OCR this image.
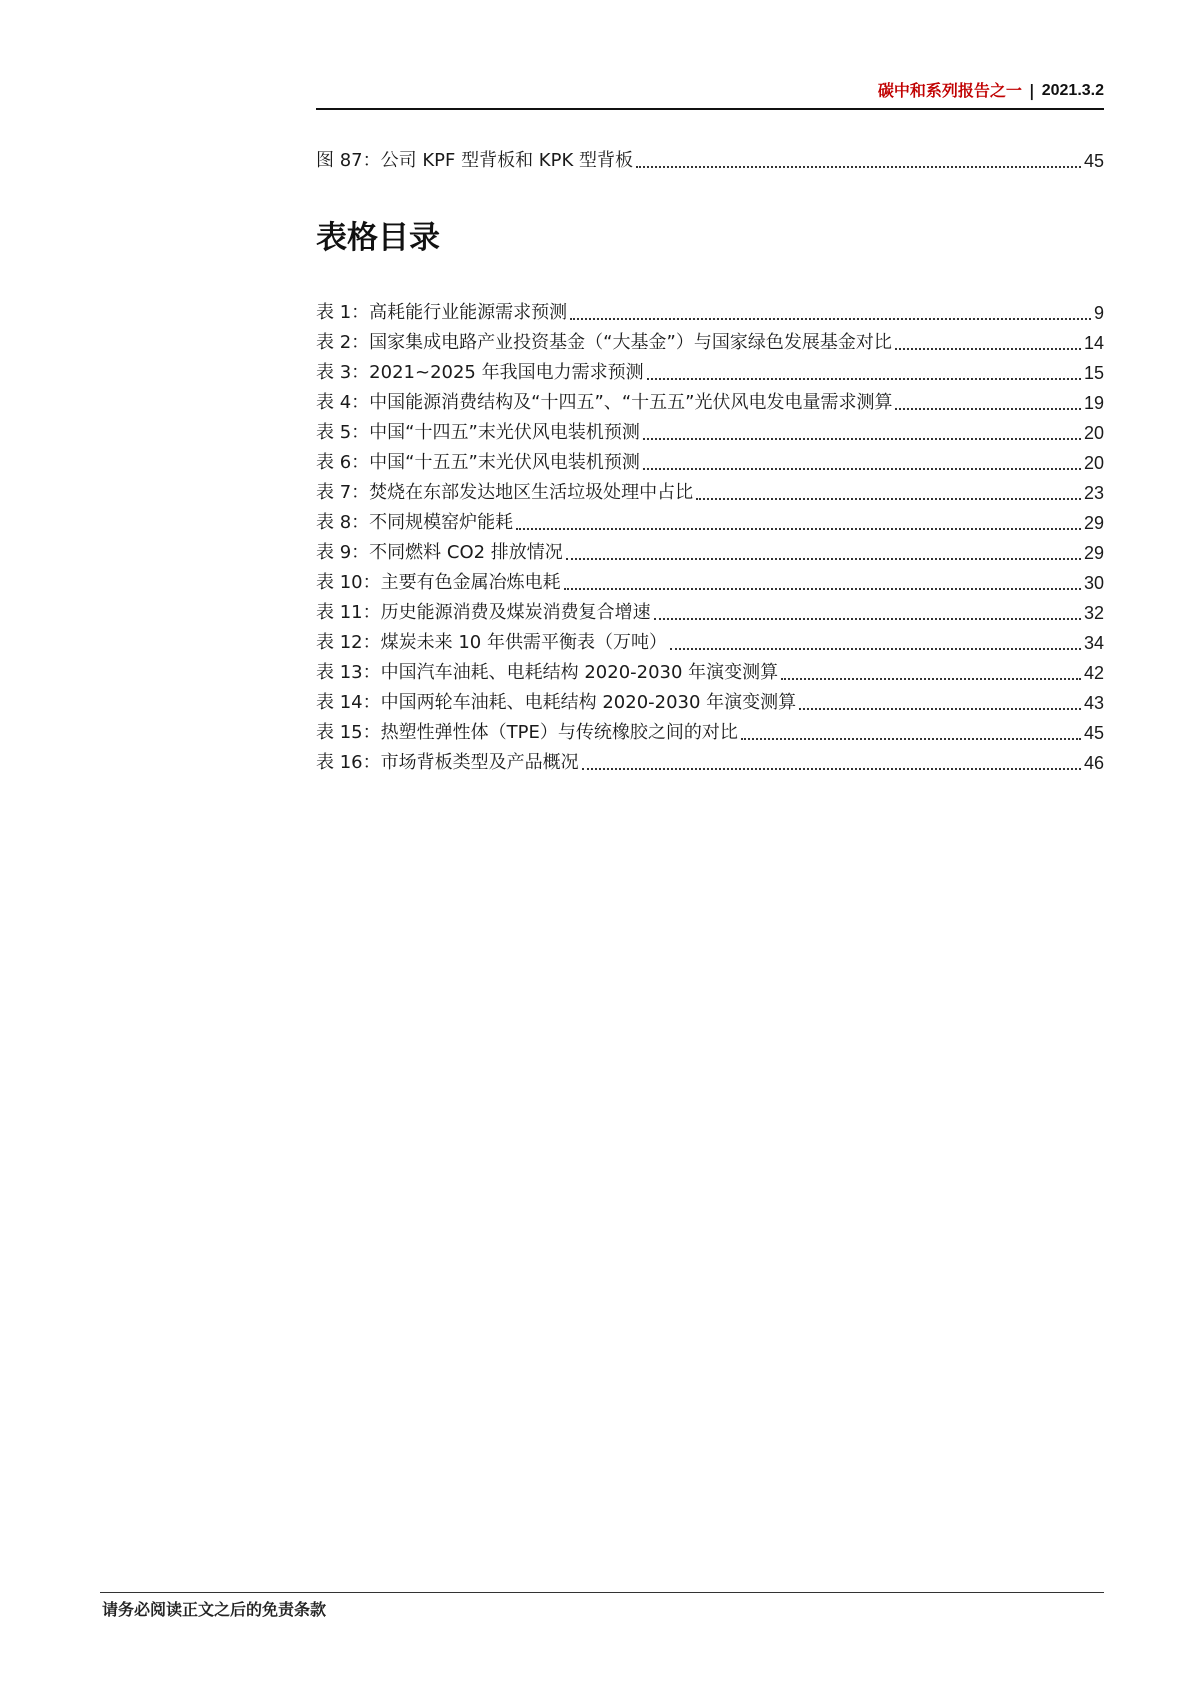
碳中和系列报告之一 | 2021.3.2
图 87：公司 KPF 型背板和 KPK 型背板	45
表格目录
表 1：高耗能行业能源需求预测	9
表 2：国家集成电路产业投资基金（“大基金”）与国家绿色发展基金对比	14
表 3：2021~2025 年我国电力需求预测	15
表 4：中国能源消费结构及“十四五”、“十五五”光伏风电发电量需求测算	19
表 5：中国“十四五”末光伏风电装机预测	20
表 6：中国“十五五”末光伏风电装机预测	20
表 7：焚烧在东部发达地区生活垃圾处理中占比	23
表 8：不同规模窑炉能耗	29
表 9：不同燃料 CO2 排放情况	29
表 10：主要有色金属冶炼电耗	30
表 11：历史能源消费及煤炭消费复合增速	32
表 12：煤炭未来 10 年供需平衡表（万吨）	34
表 13：中国汽车油耗、电耗结构 2020-2030 年演变测算	42
表 14：中国两轮车油耗、电耗结构 2020-2030 年演变测算	43
表 15：热塑性弹性体（TPE）与传统橡胶之间的对比	45
表 16：市场背板类型及产品概况	46
请务必阅读正文之后的免责条款
